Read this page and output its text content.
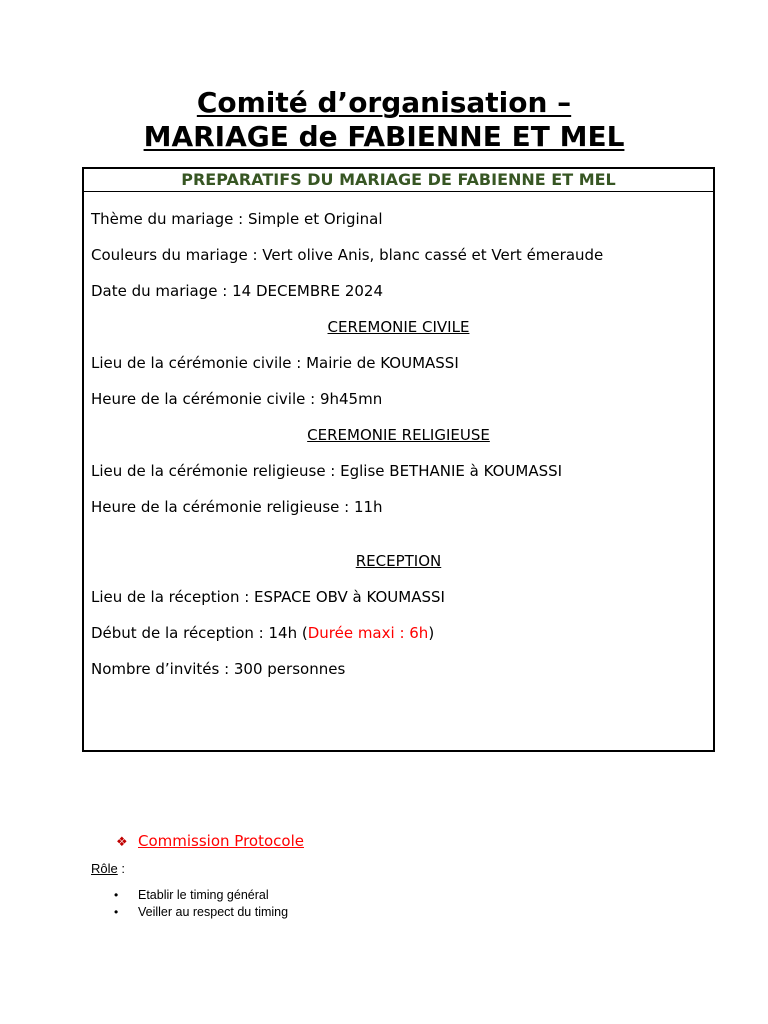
Comité d’organisation –
MARIAGE de FABIENNE ET MEL
PREPARATIFS DU MARIAGE DE FABIENNE ET MEL
Thème du mariage : Simple et Original
Couleurs du mariage : Vert olive Anis, blanc cassé et Vert émeraude
Date du mariage : 14 DECEMBRE 2024
CEREMONIE CIVILE
Lieu de la cérémonie civile : Mairie de KOUMASSI
Heure de la cérémonie civile : 9h45mn
CEREMONIE RELIGIEUSE
Lieu de la cérémonie religieuse : Eglise BETHANIE à KOUMASSI
Heure de la cérémonie religieuse : 11h
RECEPTION
Lieu de la réception : ESPACE OBV à KOUMASSI
Début de la réception : 14h (Durée maxi : 6h)
Nombre d’invités : 300 personnes
❖ Commission Protocole
Rôle :
• Etablir le timing général
• Veiller au respect du timing
